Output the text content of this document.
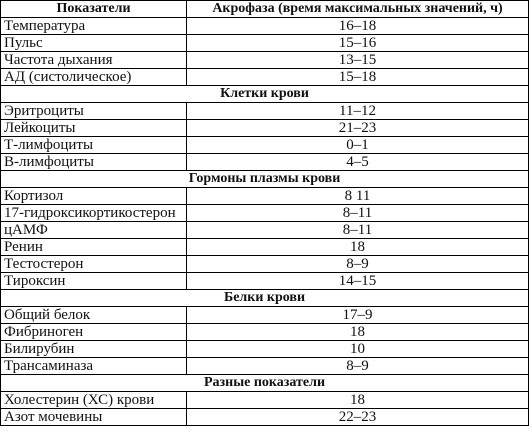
Показатели	Акрофаза (время максимальных значений, ч)
Температура	16–18
Пульс	15–16
Частота дыхания	13–15
АД (систолическое)	15–18
Клетки крови	
Эритроциты	11–12
Лейкоциты	21–23
Т-лимфоциты	0–1
В-лимфоциты	4–5
Гормоны плазмы крови	
Кортизол	8 11
17-гидроксикортикостерон	8–11
цАМФ	8–11
Ренин	18
Тестостерон	8–9
Тироксин	14–15
Белки крови	
Общий белок	17–9
Фибриноген	18
Билирубин	10
Трансаминаза	8–9
Разные показатели	
Холестерин (ХС) крови	18
Азот мочевины	22–23
